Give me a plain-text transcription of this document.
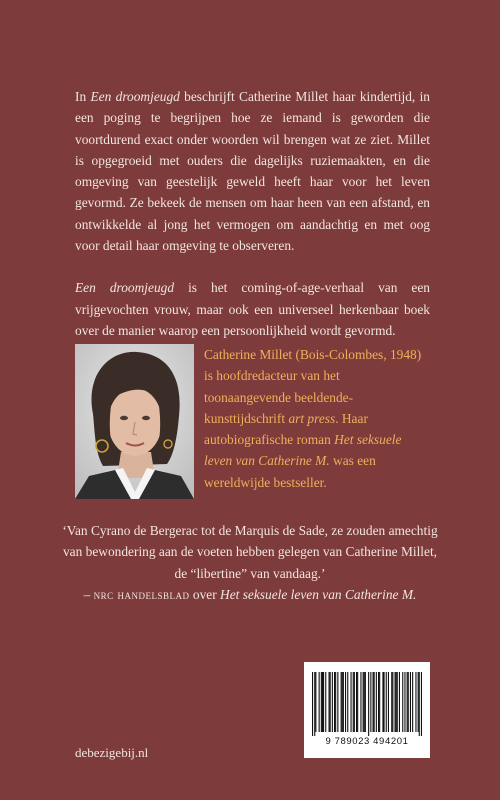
In Een droomjeugd beschrijft Catherine Millet haar kindertijd, in een poging te begrijpen hoe ze iemand is geworden die voortdurend exact onder woorden wil brengen wat ze ziet. Millet is opgegroeid met ouders die dagelijks ruziemaakten, en die omgeving van geestelijk geweld heeft haar voor het leven gevormd. Ze bekeek de mensen om haar heen van een afstand, en ontwikkelde al jong het vermogen om aandachtig en met oog voor detail haar omgeving te observeren.

Een droomjeugd is het coming-of-age-verhaal van een vrijgevochten vrouw, maar ook een universeel herkenbaar boek over de manier waarop een persoonlijkheid wordt gevormd.

Catherine Millet (Bois-Colombes, 1948) is hoofdredacteur van het toonaangevende beeldende-kunsttijdschrift art press. Haar autobiografische roman Het seksuele leven van Catherine M. was een wereldwijde bestseller.
‘Van Cyrano de Bergerac tot de Marquis de Sade, ze zouden amechtig van bewondering aan de voeten hebben gelegen van Catherine Millet, de “libertine” van vandaag.’
– nrc handelsblad over Het seksuele leven van Catherine M.
debezigebij.nl
9 789023 494201
